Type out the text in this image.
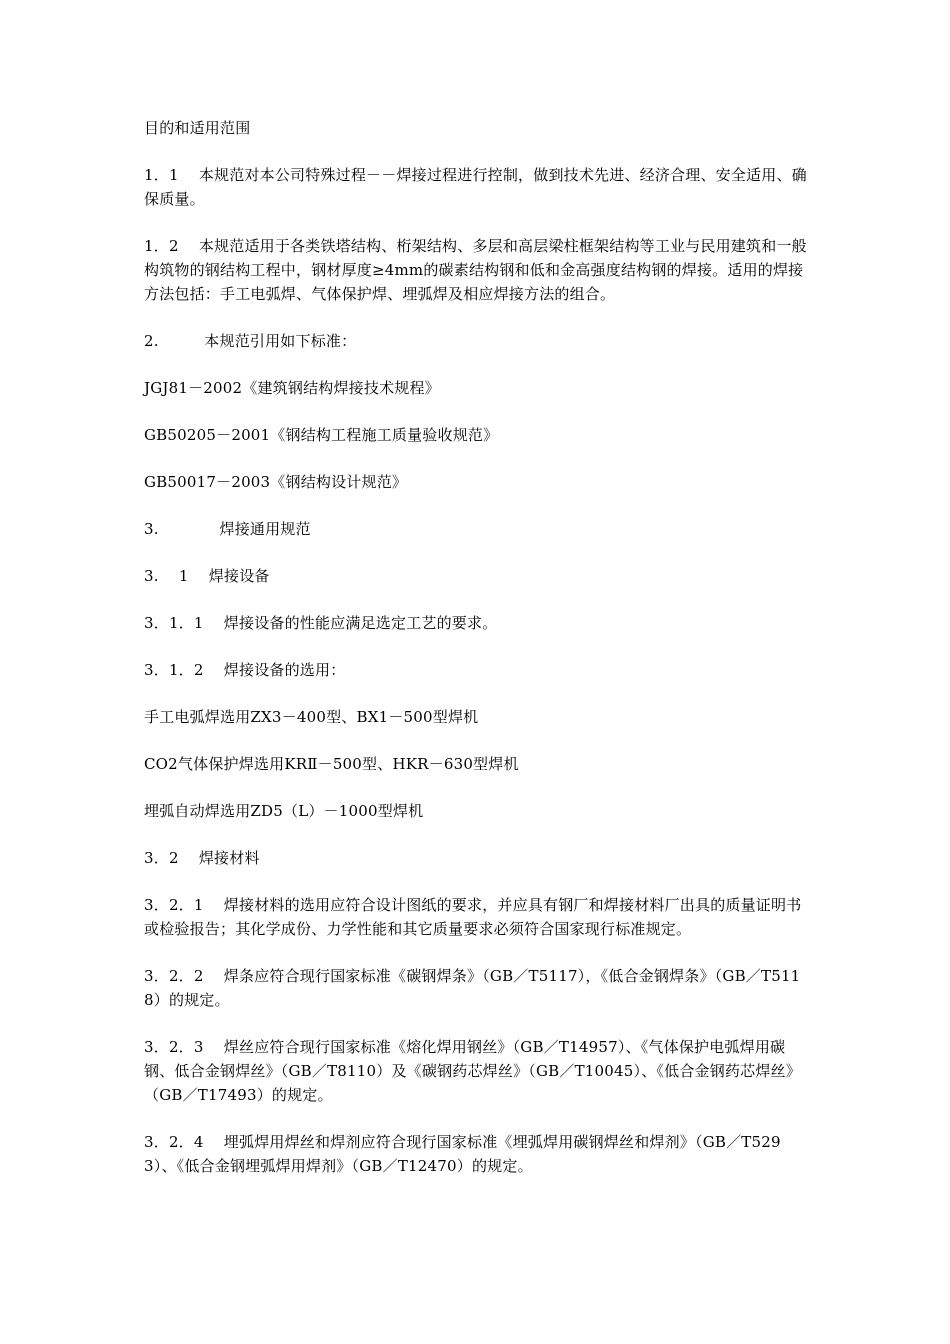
目的和适用范围

1．1　 本规范对本公司特殊过程－－焊接过程进行控制，做到技术先进、经济合理、安全适用、确保质量。

1．2　 本规范适用于各类铁塔结构、桁架结构、多层和高层梁柱框架结构等工业与民用建筑和一般构筑物的钢结构工程中，钢材厚度≥4mm的碳素结构钢和低和金高强度结构钢的焊接。适用的焊接方法包括：手工电弧焊、气体保护焊、埋弧焊及相应焊接方法的组合。

2.　　　本规范引用如下标准：

JGJ81－2002《建筑钢结构焊接技术规程》

GB50205－2001《钢结构工程施工质量验收规范》

GB50017－2003《钢结构设计规范》

3.　　　　焊接通用规范

3.　 1　 焊接设备

3．1．1　 焊接设备的性能应满足选定工艺的要求。

3．1．2　 焊接设备的选用：

手工电弧焊选用ZX3－400型、BX1－500型焊机

CO2气体保护焊选用KRⅡ－500型、HKR－630型焊机

埋弧自动焊选用ZD5（L）－1000型焊机

3．2　 焊接材料

3．2．1　 焊接材料的选用应符合设计图纸的要求，并应具有钢厂和焊接材料厂出具的质量证明书或检验报告；其化学成份、力学性能和其它质量要求必须符合国家现行标准规定。

3．2．2　 焊条应符合现行国家标准《碳钢焊条》（GB／T5117），《低合金钢焊条》（GB／T5118）的规定。

3．2．3　 焊丝应符合现行国家标准《熔化焊用钢丝》（GB／T14957）、《气体保护电弧焊用碳钢、低合金钢焊丝》（GB／T8110）及《碳钢药芯焊丝》（GB／T10045）、《低合金钢药芯焊丝》（GB／T17493）的规定。

3．2．4　 埋弧焊用焊丝和焊剂应符合现行国家标准《埋弧焊用碳钢焊丝和焊剂》（GB／T5293）、《低合金钢埋弧焊用焊剂》（GB／T12470）的规定。
